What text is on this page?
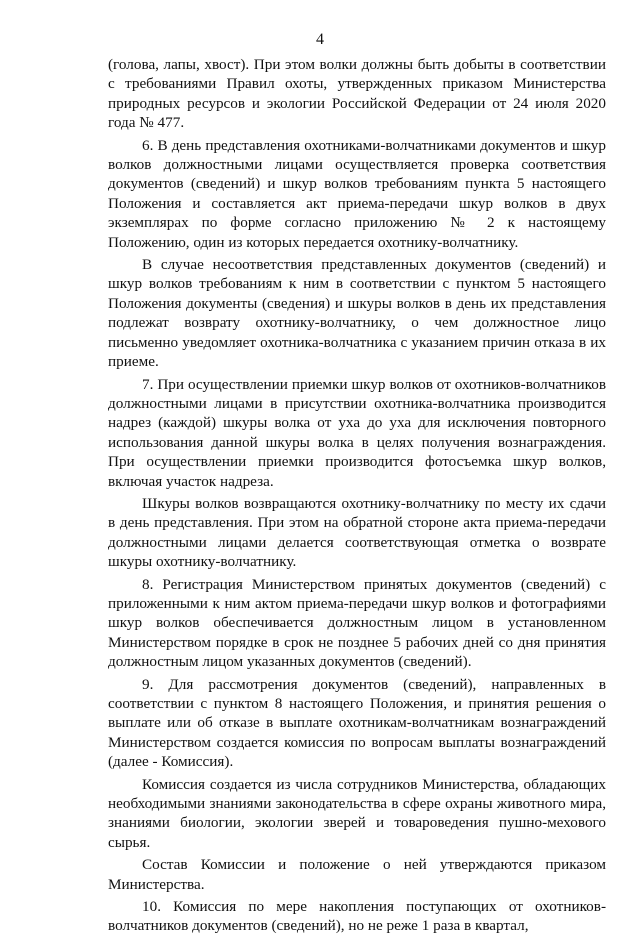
4

(голова, лапы, хвост). При этом волки должны быть добыты в соответствии с требованиями Правил охоты, утвержденных приказом Министерства природных ресурсов и экологии Российской Федерации от 24 июля 2020 года № 477.

6. В день представления охотниками-волчатниками документов и шкур волков должностными лицами осуществляется проверка соответствия документов (сведений) и шкур волков требованиям пункта 5 настоящего Положения и составляется акт приема-передачи шкур волков в двух экземплярах по форме согласно приложению № 2 к настоящему Положению, один из которых передается охотнику-волчатнику.

В случае несоответствия представленных документов (сведений) и шкур волков требованиям к ним в соответствии с пунктом 5 настоящего Положения документы (сведения) и шкуры волков в день их представления подлежат возврату охотнику-волчатнику, о чем должностное лицо письменно уведомляет охотника-волчатника с указанием причин отказа в их приеме.

7. При осуществлении приемки шкур волков от охотников-волчатников должностными лицами в присутствии охотника-волчатника производится надрез (каждой) шкуры волка от уха до уха для исключения повторного использования данной шкуры волка в целях получения вознаграждения. При осуществлении приемки производится фотосъемка шкур волков, включая участок надреза.

Шкуры волков возвращаются охотнику-волчатнику по месту их сдачи в день представления. При этом на обратной стороне акта приема-передачи должностными лицами делается соответствующая отметка о возврате шкуры охотнику-волчатнику.

8. Регистрация Министерством принятых документов (сведений) с приложенными к ним актом приема-передачи шкур волков и фотографиями шкур волков обеспечивается должностным лицом в установленном Министерством порядке в срок не позднее 5 рабочих дней со дня принятия должностным лицом указанных документов (сведений).

9. Для рассмотрения документов (сведений), направленных в соответствии с пунктом 8 настоящего Положения, и принятия решения о выплате или об отказе в выплате охотникам-волчатникам вознаграждений Министерством создается комиссия по вопросам выплаты вознаграждений (далее - Комиссия).

Комиссия создается из числа сотрудников Министерства, обладающих необходимыми знаниями законодательства в сфере охраны животного мира, знаниями биологии, экологии зверей и товароведения пушно-мехового сырья.

Состав Комиссии и положение о ней утверждаются приказом Министерства.

10. Комиссия по мере накопления поступающих от охотников-волчатников документов (сведений), но не реже 1 раза в квартал,
